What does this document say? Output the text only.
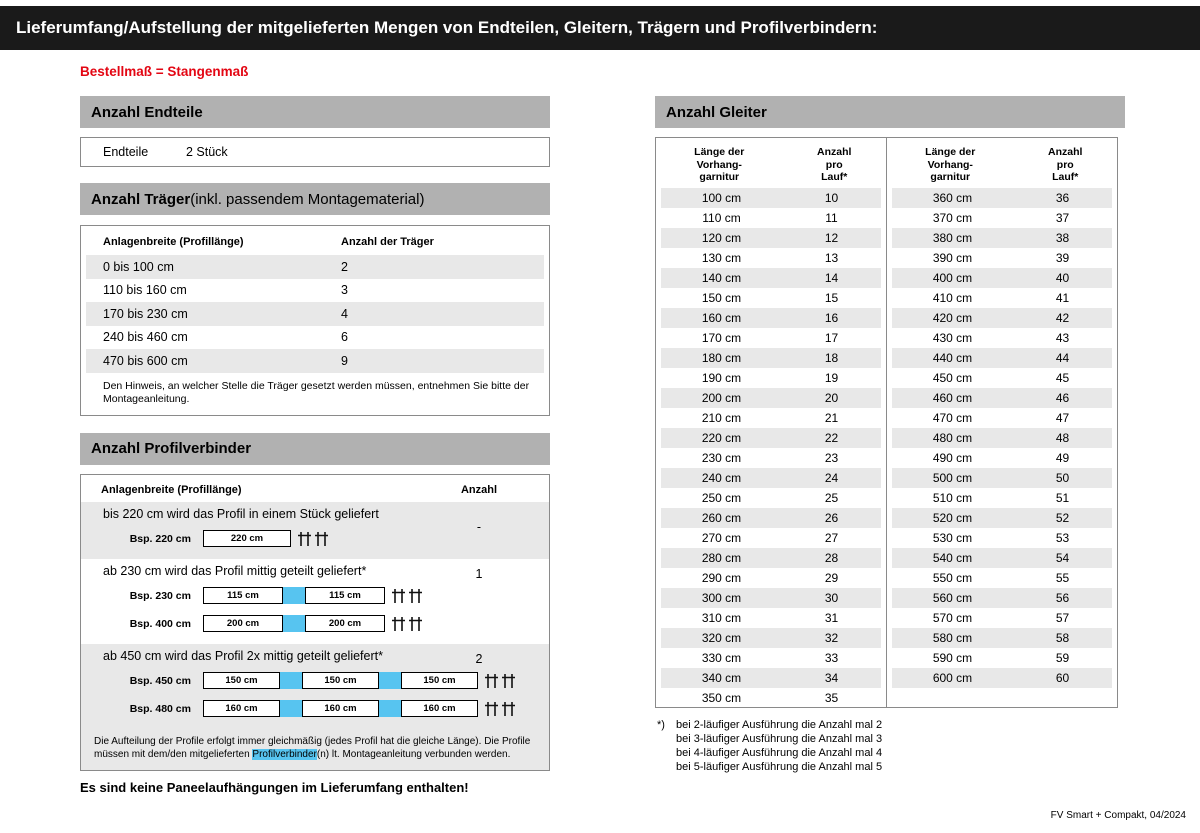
Lieferumfang/Aufstellung der mitgelieferten Mengen von Endteilen, Gleitern, Trägern und Profilverbindern:
Bestellmaß = Stangenmaß
Anzahl Endteile
Endteile	2 Stück
Anzahl Träger (inkl. passendem Montagematerial)
Anlagenbreite (Profillänge)	Anzahl der Träger
0 bis 100 cm	2
110 bis 160 cm	3
170 bis 230 cm	4
240 bis 460 cm	6
470 bis 600 cm	9
Den Hinweis, an welcher Stelle die Träger gesetzt werden müssen, entnehmen Sie bitte der Montageanleitung.
Anzahl Profilverbinder
Anlagenbreite (Profillänge)	Anzahl
bis 220 cm wird das Profil in einem Stück geliefert
-
Bsp. 220 cm	220 cm
ab 230 cm wird das Profil mittig geteilt geliefert*	1
Bsp. 230 cm	115 cm	115 cm
Bsp. 400 cm	200 cm	200 cm
ab 450 cm wird das Profil 2x mittig geteilt geliefert*	2
Bsp. 450 cm	150 cm	150 cm	150 cm
Bsp. 480 cm	160 cm	160 cm	160 cm
Die Aufteilung der Profile erfolgt immer gleichmäßig (jedes Profil hat die gleiche Länge). Die Profile müssen mit dem/den mitgelieferten Profilverbinder(n) lt. Montageanleitung verbunden werden.
Es sind keine Paneelaufhängungen im Lieferumfang enthalten!
Anzahl Gleiter
Länge der
Vorhang-
garnitur
Anzahl
pro
Lauf*
100 cm	10
110 cm	11
120 cm	12
130 cm	13
140 cm	14
150 cm	15
160 cm	16
170 cm	17
180 cm	18
190 cm	19
200 cm	20
210 cm	21
220 cm	22
230 cm	23
240 cm	24
250 cm	25
260 cm	26
270 cm	27
280 cm	28
290 cm	29
300 cm	30
310 cm	31
320 cm	32
330 cm	33
340 cm	34
350 cm	35
Länge der
Vorhang-
garnitur
Anzahl
pro
Lauf*
360 cm	36
370 cm	37
380 cm	38
390 cm	39
400 cm	40
410 cm	41
420 cm	42
430 cm	43
440 cm	44
450 cm	45
460 cm	46
470 cm	47
480 cm	48
490 cm	49
500 cm	50
510 cm	51
520 cm	52
530 cm	53
540 cm	54
550 cm	55
560 cm	56
570 cm	57
580 cm	58
590 cm	59
600 cm	60
*) bei 2-läufiger Ausführung die Anzahl mal 2
bei 3-läufiger Ausführung die Anzahl mal 3
bei 4-läufiger Ausführung die Anzahl mal 4
bei 5-läufiger Ausführung die Anzahl mal 5
FV Smart + Compakt, 04/2024
